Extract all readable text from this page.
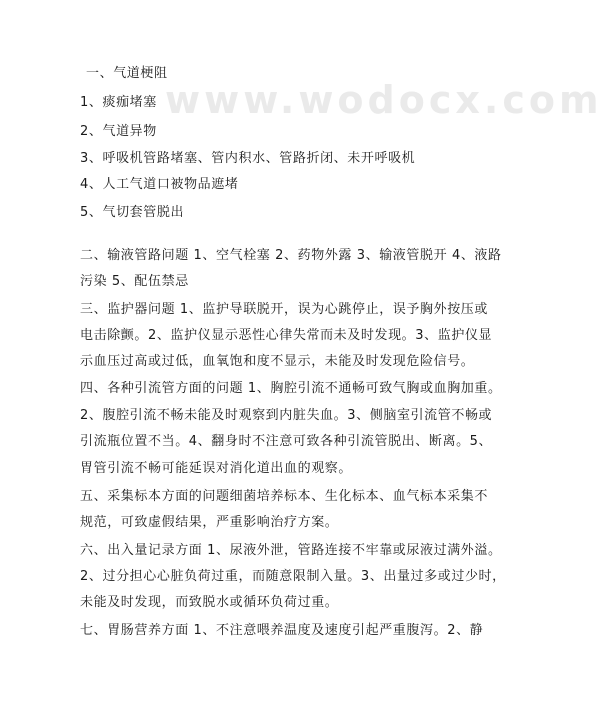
www.wodocx.com
一、气道梗阻
1、痰痂堵塞
2、气道异物
3、呼吸机管路堵塞、管内积水、管路折闭、未开呼吸机
4、人工气道口被物品遮堵
5、气切套管脱出
二、输液管路问题 1、空气栓塞 2、药物外露 3、输液管脱开 4、液路
污染 5、配伍禁忌
三、监护器问题 1、监护导联脱开，误为心跳停止，误予胸外按压或
电击除颤。2、监护仪显示恶性心律失常而未及时发现。3、监护仪显
示血压过高或过低，血氧饱和度不显示，未能及时发现危险信号。
四、各种引流管方面的问题 1、胸腔引流不通畅可致气胸或血胸加重。
2、腹腔引流不畅未能及时观察到内脏失血。3、侧脑室引流管不畅或
引流瓶位置不当。4、翻身时不注意可致各种引流管脱出、断离。5、
胃管引流不畅可能延误对消化道出血的观察。
五、采集标本方面的问题细菌培养标本、生化标本、血气标本采集不
规范，可致虚假结果，严重影响治疗方案。
六、出入量记录方面 1、尿液外泄，管路连接不牢靠或尿液过满外溢。
2、过分担心心脏负荷过重，而随意限制入量。3、出量过多或过少时，
未能及时发现，而致脱水或循环负荷过重。
七、胃肠营养方面 1、不注意喂养温度及速度引起严重腹泻。2、静
